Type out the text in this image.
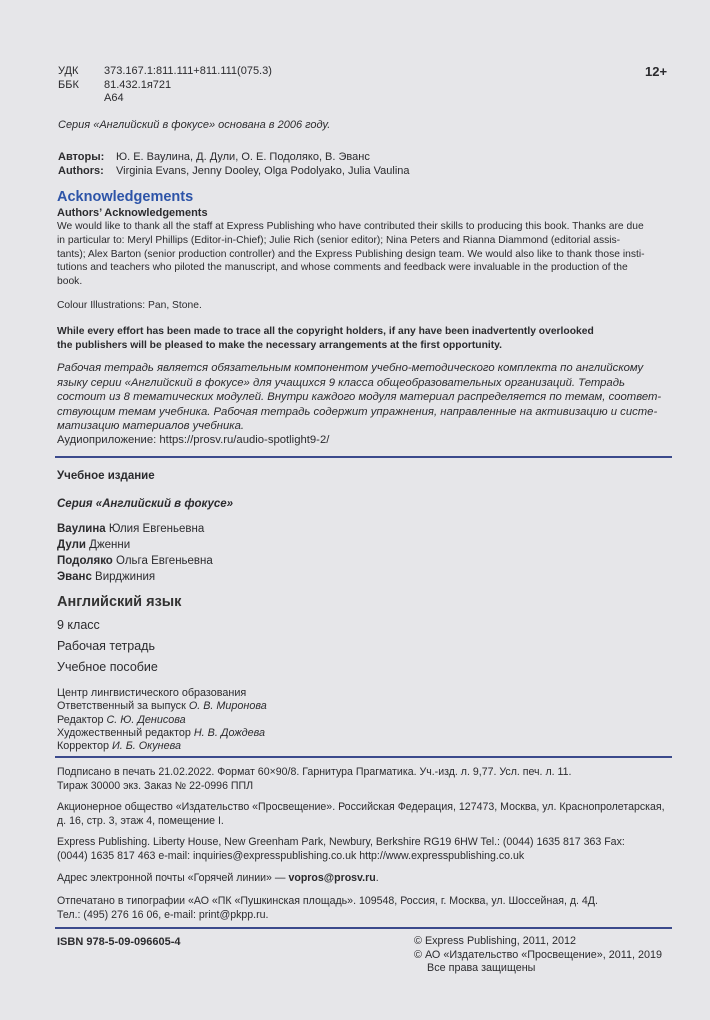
УДК 373.167.1:811.111+811.111(075.3)
ББК 81.432.1я721
А64
12+
Серия «Английский в фокусе» основана в 2006 году.
Авторы: Ю. Е. Ваулина, Д. Дули, О. Е. Подоляко, В. Эванс
Authors: Virginia Evans, Jenny Dooley, Olga Podolyako, Julia Vaulina
Acknowledgements
Authors’ Acknowledgements
We would like to thank all the staff at Express Publishing who have contributed their skills to producing this book. Thanks are due
in particular to: Meryl Phillips (Editor-in-Chief); Julie Rich (senior editor); Nina Peters and Rianna Diammond (editorial assis-
tants); Alex Barton (senior production controller) and the Express Publishing design team. We would also like to thank those insti-
tutions and teachers who piloted the manuscript, and whose comments and feedback were invaluable in the production of the
book.
Colour Illustrations: Pan, Stone.
While every effort has been made to trace all the copyright holders, if any have been inadvertently overlooked
the publishers will be pleased to make the necessary arrangements at the first opportunity.
Рабочая тетрадь является обязательным компонентом учебно-методического комплекта по английскому
языку серии «Английский в фокусе» для учащихся 9 класса общеобразовательных организаций. Тетрадь
состоит из 8 тематических модулей. Внутри каждого модуля материал распределяется по темам, соответ-
ствующим темам учебника. Рабочая тетрадь содержит упражнения, направленные на активизацию и систе-
матизацию материалов учебника.
Аудиоприложение: https://prosv.ru/audio-spotlight9-2/
Учебное издание
Серия «Английский в фокусе»
Ваулина Юлия Евгеньевна
Дули Дженни
Подоляко Ольга Евгеньевна
Эванс Вирджиния
Английский язык
9 класс
Рабочая тетрадь
Учебное пособие
Центр лингвистического образования
Ответственный за выпуск О. В. Миронова
Редактор С. Ю. Денисова
Художественный редактор Н. В. Дождева
Корректор И. Б. Окунева
Подписано в печать 21.02.2022. Формат 60×90/8. Гарнитура Прагматика. Уч.-изд. л. 9,77. Усл. печ. л. 11.
Тираж 30000 экз. Заказ № 22-0996 ППЛ
Акционерное общество «Издательство «Просвещение». Российская Федерация, 127473, Москва, ул. Краснопролетарская,
д. 16, стр. 3, этаж 4, помещение I.
Express Publishing. Liberty House, New Greenham Park, Newbury, Berkshire RG19 6HW Tel.: (0044) 1635 817 363 Fax:
(0044) 1635 817 463 e-mail: inquiries@expresspublishing.co.uk http://www.expresspublishing.co.uk
Адрес электронной почты «Горячей линии» — vopros@prosv.ru.
Отпечатано в типографии «АО «ПК «Пушкинская площадь». 109548, Россия, г. Москва, ул. Шоссейная, д. 4Д.
Тел.: (495) 276 16 06, e-mail: print@pkpp.ru.
ISBN 978-5-09-096605-4	© Express Publishing, 2011, 2012
© АО «Издательство «Просвещение», 2011, 2019
Все права защищены
